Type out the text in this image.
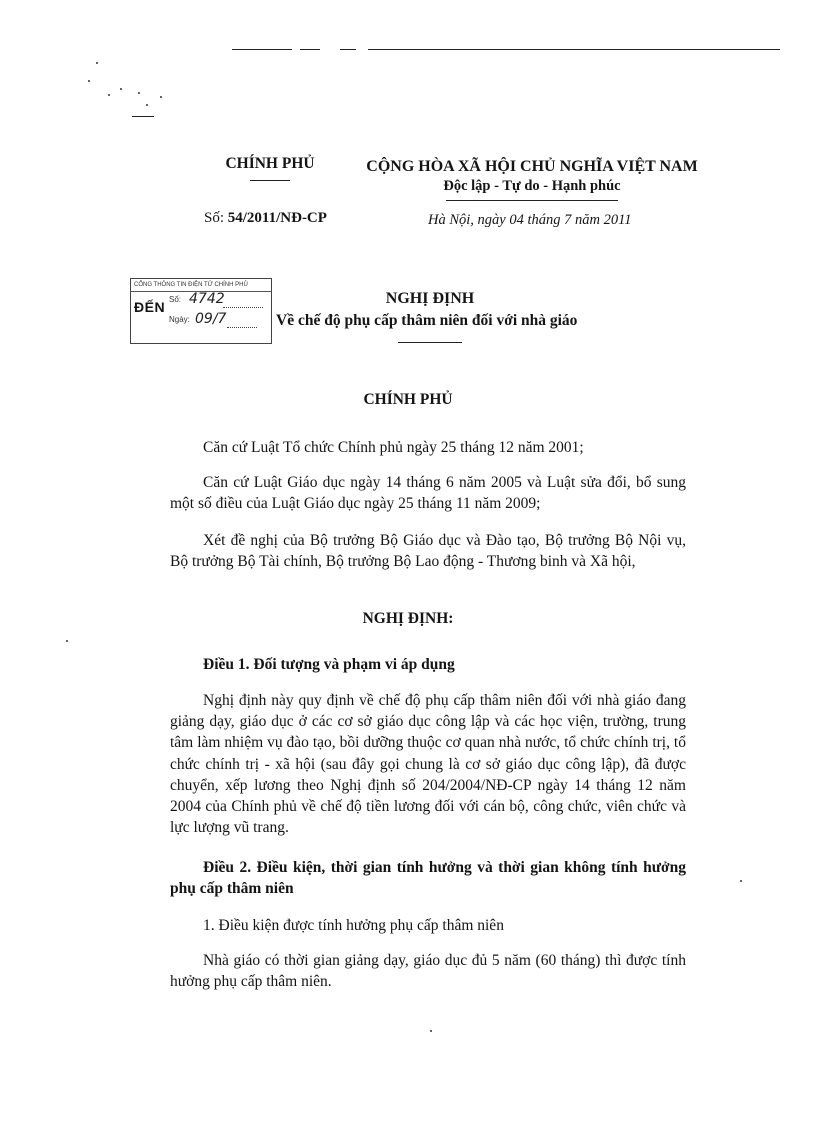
CHÍNH PHỦ	CỘNG HÒA XÃ HỘI CHỦ NGHĨA VIỆT NAM
Độc lập - Tự do - Hạnh phúc
Số: 54/2011/NĐ-CP	Hà Nội, ngày 04 tháng 7 năm 2011
CỔNG THÔNG TIN ĐIỆN TỬ CHÍNH PHỦ
ĐẾN Số: 4742
Ngày: 09/7
NGHỊ ĐỊNH
Về chế độ phụ cấp thâm niên đối với nhà giáo
CHÍNH PHỦ
Căn cứ Luật Tổ chức Chính phủ ngày 25 tháng 12 năm 2001;
Căn cứ Luật Giáo dục ngày 14 tháng 6 năm 2005 và Luật sửa đổi, bổ sung một số điều của Luật Giáo dục ngày 25 tháng 11 năm 2009;
Xét đề nghị của Bộ trưởng Bộ Giáo dục và Đào tạo, Bộ trưởng Bộ Nội vụ, Bộ trưởng Bộ Tài chính, Bộ trưởng Bộ Lao động - Thương binh và Xã hội,
NGHỊ ĐỊNH:
Điều 1. Đối tượng và phạm vi áp dụng
Nghị định này quy định về chế độ phụ cấp thâm niên đối với nhà giáo đang giảng dạy, giáo dục ở các cơ sở giáo dục công lập và các học viện, trường, trung tâm làm nhiệm vụ đào tạo, bồi dưỡng thuộc cơ quan nhà nước, tổ chức chính trị, tổ chức chính trị - xã hội (sau đây gọi chung là cơ sở giáo dục công lập), đã được chuyển, xếp lương theo Nghị định số 204/2004/NĐ-CP ngày 14 tháng 12 năm 2004 của Chính phủ về chế độ tiền lương đối với cán bộ, công chức, viên chức và lực lượng vũ trang.
Điều 2. Điều kiện, thời gian tính hưởng và thời gian không tính hưởng phụ cấp thâm niên
1. Điều kiện được tính hưởng phụ cấp thâm niên
Nhà giáo có thời gian giảng dạy, giáo dục đủ 5 năm (60 tháng) thì được tính hưởng phụ cấp thâm niên.
